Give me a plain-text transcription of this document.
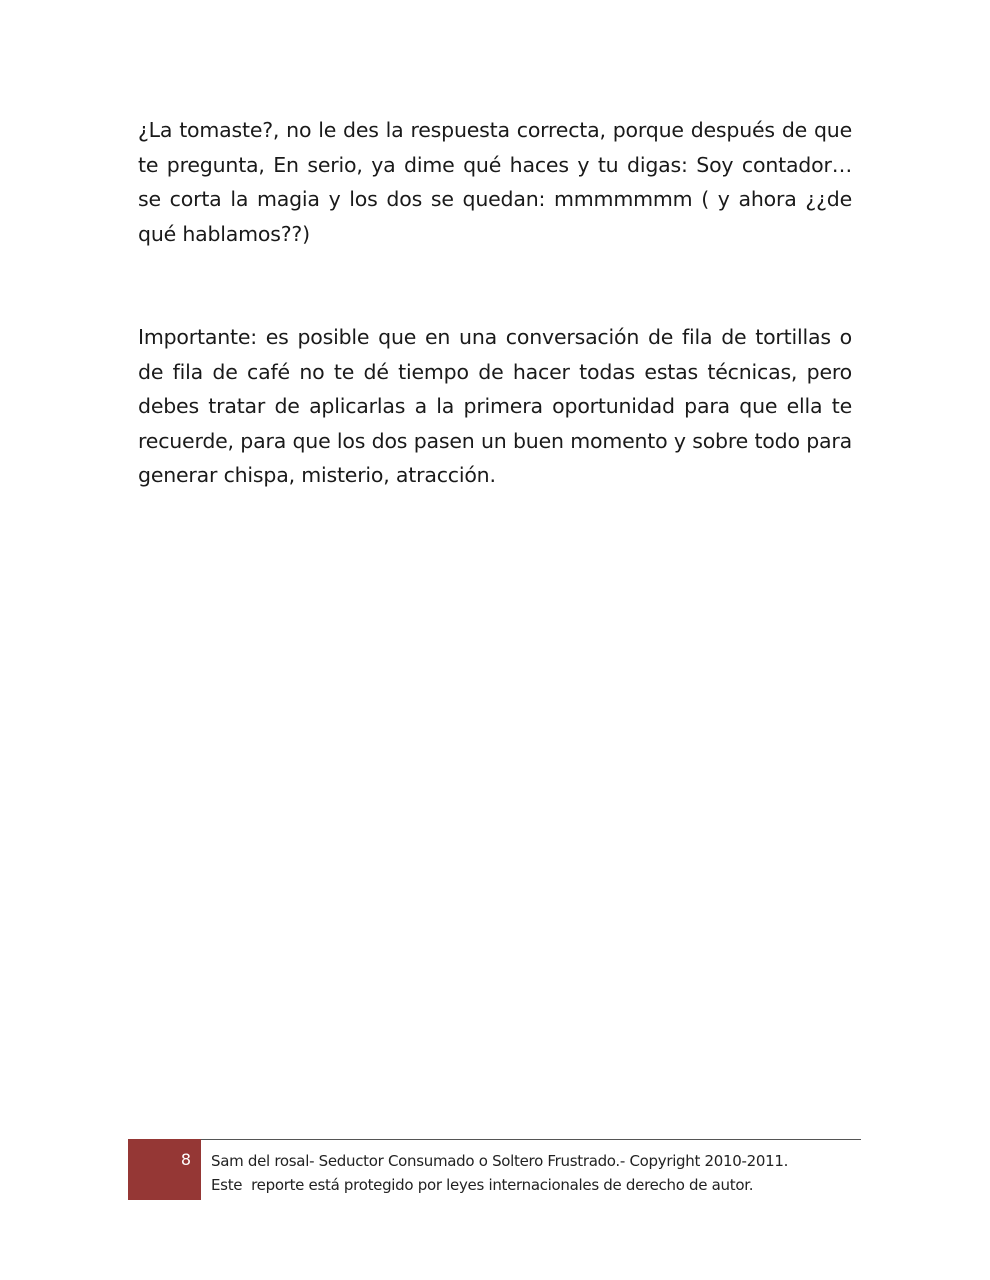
¿La tomaste?, no le des la respuesta correcta, porque después de que te pregunta, En serio, ya dime qué haces y tu digas: Soy contador… se corta la magia y los dos se quedan: mmmmmmm ( y ahora ¿¿de qué hablamos??)

Importante: es posible que en una conversación de fila de tortillas o de fila de café no te dé tiempo de hacer todas estas técnicas, pero debes tratar de aplicarlas a la primera oportunidad para que ella te recuerde, para que los dos pasen un buen momento y sobre todo para generar chispa, misterio, atracción.

8 Sam del rosal- Seductor Consumado o Soltero Frustrado.- Copyright 2010-2011.
Este  reporte está protegido por leyes internacionales de derecho de autor.
